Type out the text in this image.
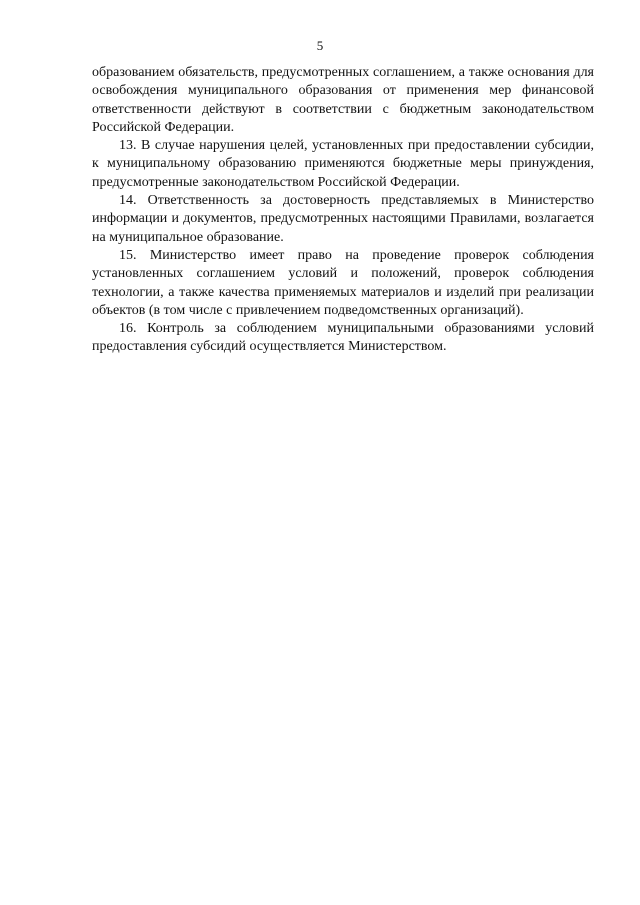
5

образованием обязательств, предусмотренных соглашением, а также основания для освобождения муниципального образования от применения мер финансовой ответственности действуют в соответствии с бюджетным законодательством Российской Федерации.

13. В случае нарушения целей, установленных при предоставлении субсидии, к муниципальному образованию применяются бюджетные меры принуждения, предусмотренные законодательством Российской Федерации.

14. Ответственность за достоверность представляемых в Министерство информации и документов, предусмотренных настоящими Правилами, возлагается на муниципальное образование.

15. Министерство имеет право на проведение проверок соблюдения установленных соглашением условий и положений, проверок соблюдения технологии, а также качества применяемых материалов и изделий при реализации объектов (в том числе с привлечением подведомственных организаций).

16. Контроль за соблюдением муниципальными образованиями условий предоставления субсидий осуществляется Министерством.
